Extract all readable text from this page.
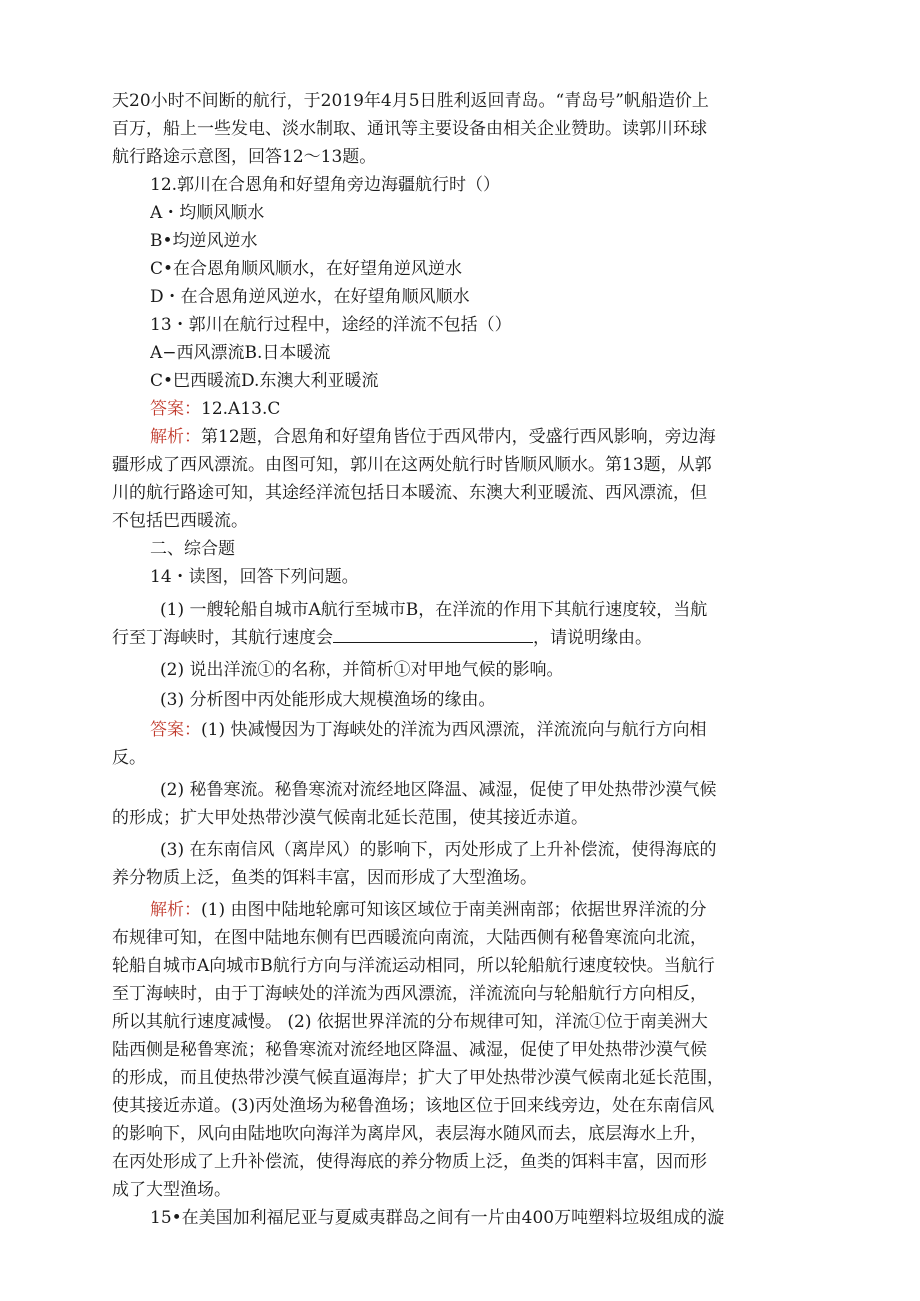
天20小时不间断的航行，于2019年4月5日胜利返回青岛。“青岛号”帆船造价上
百万，船上一些发电、淡水制取、通讯等主要设备由相关企业赞助。读郭川环球
航行路途示意图，回答12〜13题。
12.郭川在合恩角和好望角旁边海疆航行时（）
A・均顺风顺水
B•均逆风逆水
C•在合恩角顺风顺水，在好望角逆风逆水
D・在合恩角逆风逆水，在好望角顺风顺水
13・郭川在航行过程中，途经的洋流不包括（）
A−西风漂流B.日本暖流
C•巴西暖流D.东澳大利亚暖流
答案：12.A13.C
解析：第12题，合恩角和好望角皆位于西风带内，受盛行西风影响，旁边海
疆形成了西风漂流。由图可知，郭川在这两处航行时皆顺风顺水。第13题，从郭
川的航行路途可知，其途经洋流包括日本暖流、东澳大利亚暖流、西风漂流，但
不包括巴西暖流。
二、综合题
14・读图，回答下列问题。
(1) 一艘轮船自城市A航行至城市B，在洋流的作用下其航行速度较，当航
行至丁海峡时，其航行速度会	，请说明缘由。
(2) 说出洋流①的名称，并简析①对甲地气候的影响。
(3) 分析图中丙处能形成大规模渔场的缘由。
答案：(1) 快减慢因为丁海峡处的洋流为西风漂流，洋流流向与航行方向相
反。
(2) 秘鲁寒流。秘鲁寒流对流经地区降温、减湿，促使了甲处热带沙漠气候
的形成；扩大甲处热带沙漠气候南北延长范围，使其接近赤道。
(3) 在东南信风（离岸风）的影响下，丙处形成了上升补偿流，使得海底的
养分物质上泛，鱼类的饵料丰富，因而形成了大型渔场。
解析：(1) 由图中陆地轮廓可知该区域位于南美洲南部；依据世界洋流的分
布规律可知，在图中陆地东侧有巴西暖流向南流，大陆西侧有秘鲁寒流向北流，
轮船自城市A向城市B航行方向与洋流运动相同，所以轮船航行速度较快。当航行
至丁海峡时，由于丁海峡处的洋流为西风漂流，洋流流向与轮船航行方向相反，
所以其航行速度减慢。 (2) 依据世界洋流的分布规律可知，洋流①位于南美洲大
陆西侧是秘鲁寒流；秘鲁寒流对流经地区降温、减湿，促使了甲处热带沙漠气候
的形成，而且使热带沙漠气候直逼海岸；扩大了甲处热带沙漠气候南北延长范围，
使其接近赤道。(3)丙处渔场为秘鲁渔场；该地区位于回来线旁边，处在东南信风
的影响下，风向由陆地吹向海洋为离岸风，表层海水随风而去，底层海水上升，
在丙处形成了上升补偿流，使得海底的养分物质上泛，鱼类的饵料丰富，因而形
成了大型渔场。
15•在美国加利福尼亚与夏威夷群岛之间有一片由400万吨塑料垃圾组成的漩
